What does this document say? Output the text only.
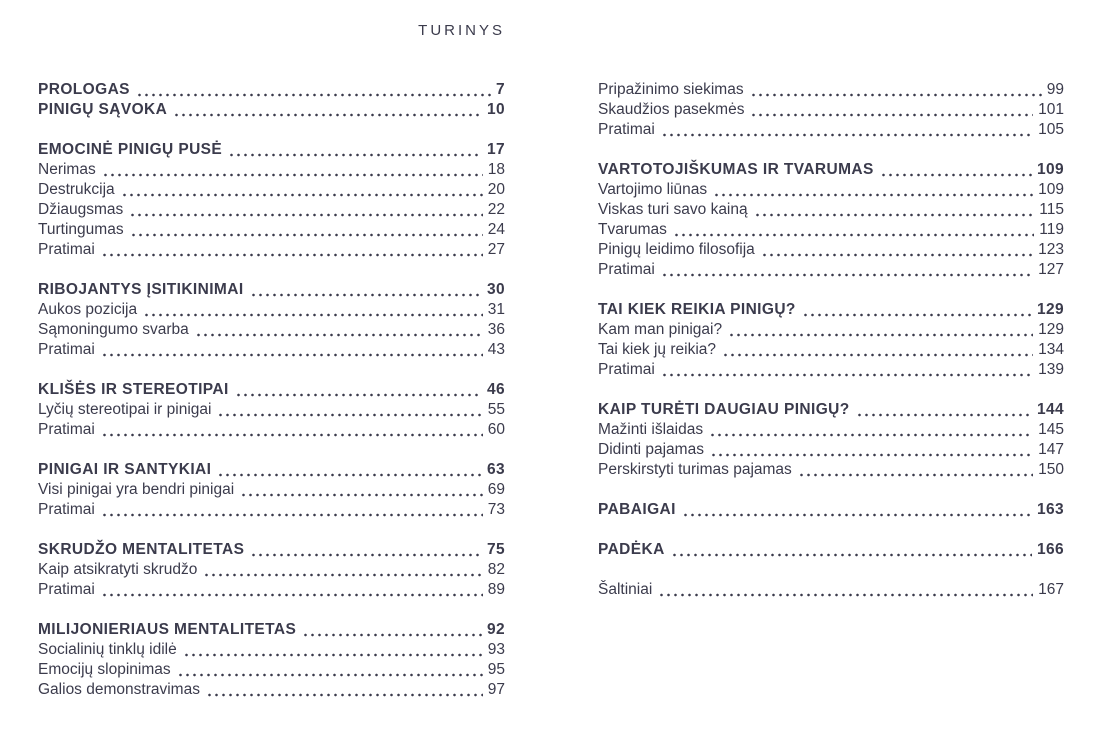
TURINYS
PROLOGAS	7
PINIGŲ SĄVOKA	10
EMOCINĖ PINIGŲ PUSĖ	17
Nerimas	18
Destrukcija	20
Džiaugsmas	22
Turtingumas	24
Pratimai	27
RIBOJANTYS ĮSITIKINIMAI	30
Aukos pozicija	31
Sąmoningumo svarba	36
Pratimai	43
KLIŠĖS IR STEREOTIPAI	46
Lyčių stereotipai ir pinigai	55
Pratimai	60
PINIGAI IR SANTYKIAI	63
Visi pinigai yra bendri pinigai	69
Pratimai	73
SKRUDŽO MENTALITETAS	75
Kaip atsikratyti skrudžo	82
Pratimai	89
MILIJONIERIAUS MENTALITETAS	92
Socialinių tinklų idilė	93
Emocijų slopinimas	95
Galios demonstravimas	97
Pripažinimo siekimas	99
Skaudžios pasekmės	101
Pratimai	105
VARTOTOJIŠKUMAS IR TVARUMAS	109
Vartojimo liūnas	109
Viskas turi savo kainą	115
Tvarumas	119
Pinigų leidimo filosofija	123
Pratimai	127
TAI KIEK REIKIA PINIGŲ?	129
Kam man pinigai?	129
Tai kiek jų reikia?	134
Pratimai	139
KAIP TURĖTI DAUGIAU PINIGŲ?	144
Mažinti išlaidas	145
Didinti pajamas	147
Perskirstyti turimas pajamas	150
PABAIGAI	163
PADĖKA	166
Šaltiniai	167
